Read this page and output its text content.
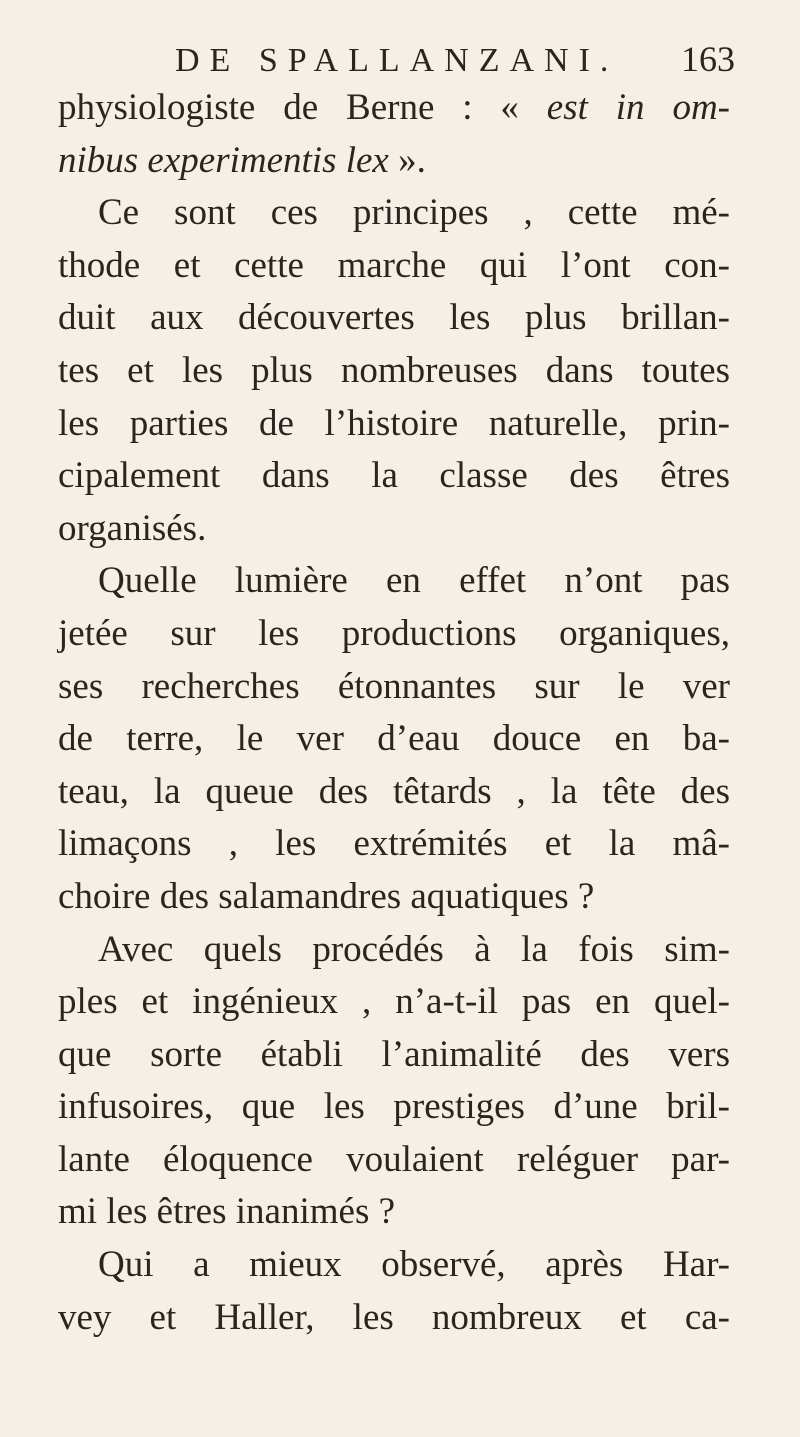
DE SPALLANZANI. 163
physiologiste de Berne : « est in om-
nibus experimentis lex ».
Ce sont ces principes , cette mé-
thode et cette marche qui l’ont con-
duit aux découvertes les plus brillan-
tes et les plus nombreuses dans toutes
les parties de l’histoire naturelle, prin-
cipalement dans la classe des êtres
organisés.
Quelle lumière en effet n’ont pas
jetée sur les productions organiques,
ses recherches étonnantes sur le ver
de terre, le ver d’eau douce en ba-
teau, la queue des têtards , la tête des
limaçons , les extrémités et la mâ-
choire des salamandres aquatiques ?
Avec quels procédés à la fois sim-
ples et ingénieux , n’a-t-il pas en quel-
que sorte établi l’animalité des vers
infusoires, que les prestiges d’une bril-
lante éloquence voulaient reléguer par-
mi les êtres inanimés ?
Qui a mieux observé, après Har-
vey et Haller, les nombreux et ca-
